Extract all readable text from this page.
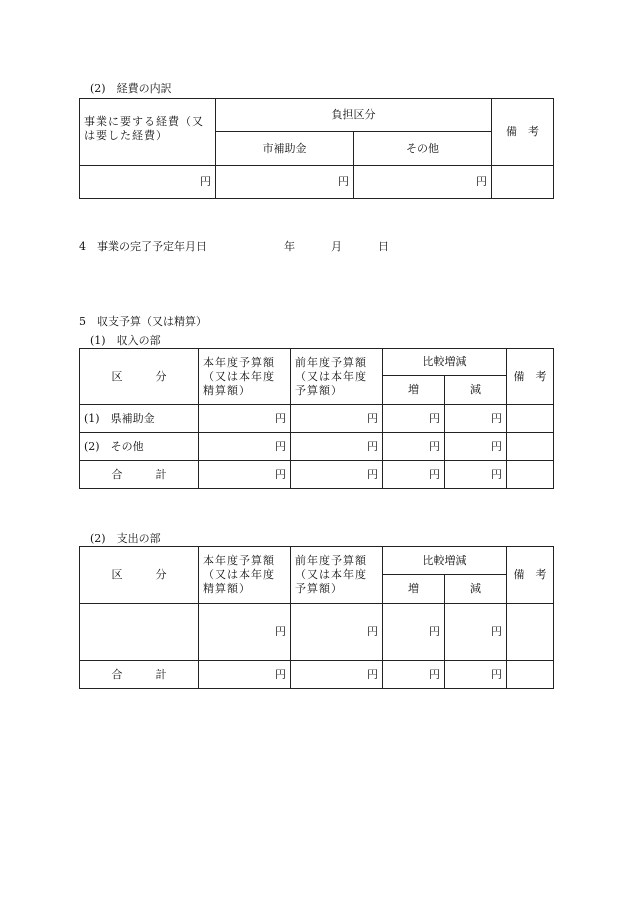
(2)　経費の内訳
事業に要する経費（又は要した経費）	負担区分		備　考
	市補助金	その他	
円	円	円	
4　事業の完了予定年月日	年	月	日
5　収支予算（又は精算）
(1)　収入の部
区　　　分	本年度予算額（又は本年度精算額）	前年度予算額（又は本年度予算額）	比較増減		備　考
			増	減	
(1)　県補助金	円	円	円	円	
(2)　その他	円	円	円	円	
合　　　計	円	円	円	円	
(2)　支出の部
区　　　分	本年度予算額（又は本年度精算額）	前年度予算額（又は本年度予算額）	比較増減		備　考
			増	減	
	円	円	円	円	
合　　　計	円	円	円	円	
